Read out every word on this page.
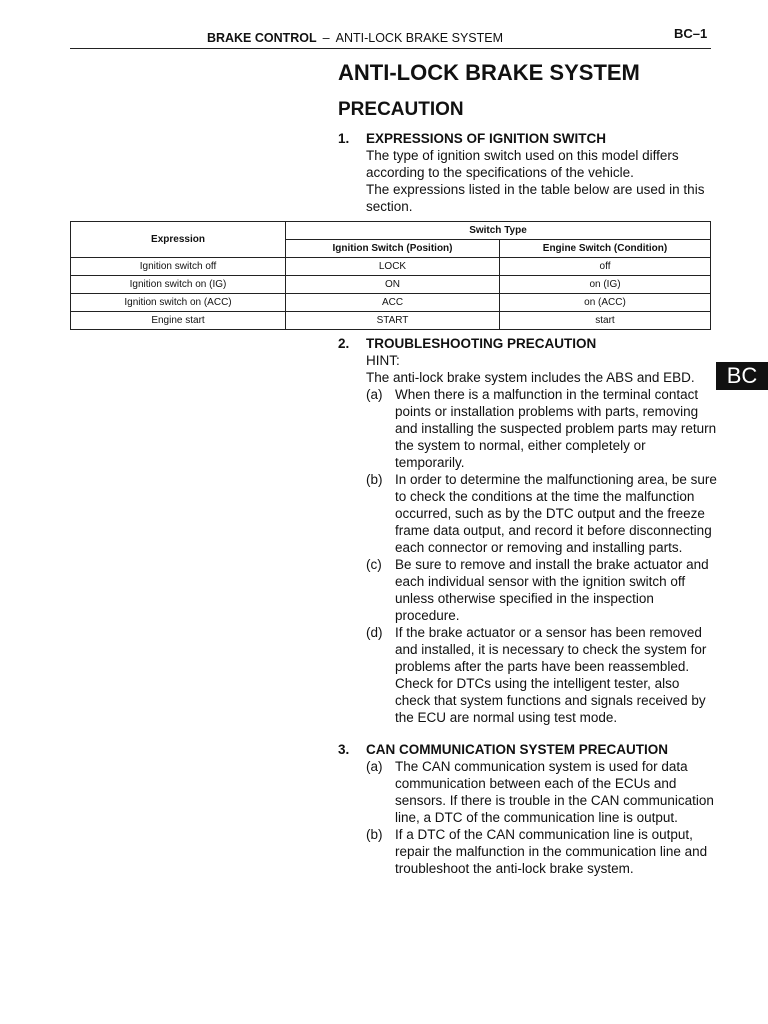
BRAKE CONTROL – ANTI-LOCK BRAKE SYSTEM	BC–1
ANTI-LOCK BRAKE SYSTEM
PRECAUTION
1. EXPRESSIONS OF IGNITION SWITCH
The type of ignition switch used on this model differs according to the specifications of the vehicle.
The expressions listed in the table below are used in this section.
Expression	Switch Type	
	Ignition Switch (Position)	Engine Switch (Condition)
Ignition switch off	LOCK	off
Ignition switch on (IG)	ON	on (IG)
Ignition switch on (ACC)	ACC	on (ACC)
Engine start	START	start
2. TROUBLESHOOTING PRECAUTION
HINT:
The anti-lock brake system includes the ABS and EBD.
(a) When there is a malfunction in the terminal contact points or installation problems with parts, removing and installing the suspected problem parts may return the system to normal, either completely or temporarily.
(b) In order to determine the malfunctioning area, be sure to check the conditions at the time the malfunction occurred, such as by the DTC output and the freeze frame data output, and record it before disconnecting each connector or removing and installing parts.
(c) Be sure to remove and install the brake actuator and each individual sensor with the ignition switch off unless otherwise specified in the inspection procedure.
(d) If the brake actuator or a sensor has been removed and installed, it is necessary to check the system for problems after the parts have been reassembled. Check for DTCs using the intelligent tester, also check that system functions and signals received by the ECU are normal using test mode.
3. CAN COMMUNICATION SYSTEM PRECAUTION
(a) The CAN communication system is used for data communication between each of the ECUs and sensors. If there is trouble in the CAN communication line, a DTC of the communication line is output.
(b) If a DTC of the CAN communication line is output, repair the malfunction in the communication line and troubleshoot the anti-lock brake system.
BC
